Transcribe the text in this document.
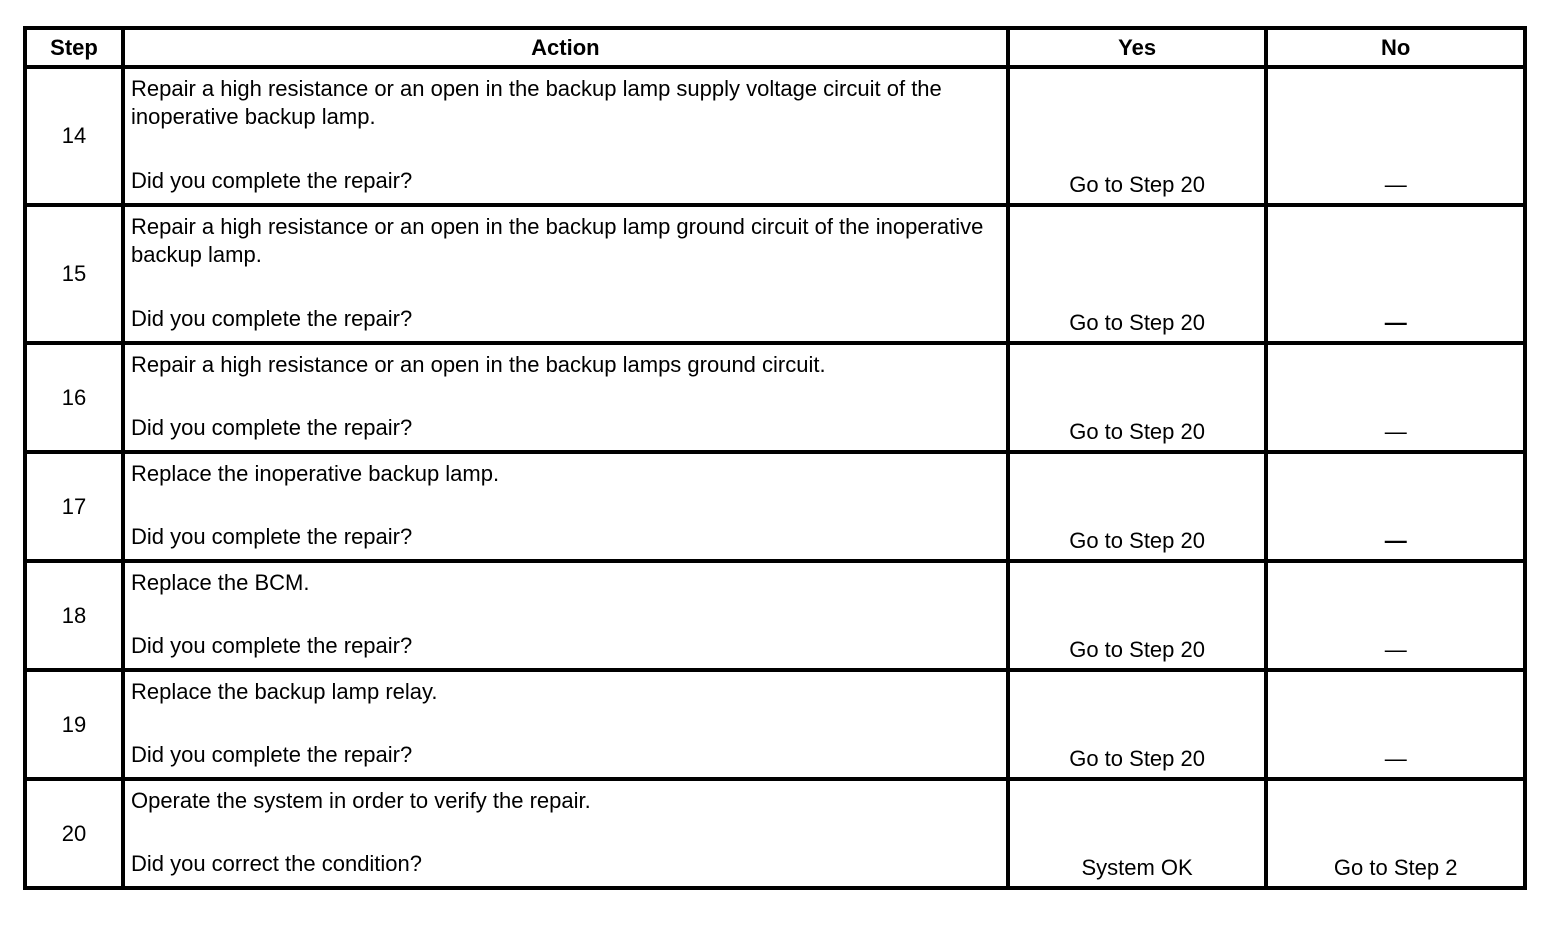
Step	Action	Yes	No
14	Repair a high resistance or an open in the backup lamp supply voltage circuit of the inoperative backup lamp.
Did you complete the repair?	Go to Step 20	—

15	Repair a high resistance or an open in the backup lamp ground circuit of the inoperative backup lamp.
Did you complete the repair?	Go to Step 20	—

16	Repair a high resistance or an open in the backup lamps ground circuit.
Did you complete the repair?	Go to Step 20	—

17	Replace the inoperative backup lamp.
Did you complete the repair?	Go to Step 20	—

18	Replace the BCM.
Did you complete the repair?	Go to Step 20	—

19	Replace the backup lamp relay.
Did you complete the repair?	Go to Step 20	—

20	Operate the system in order to verify the repair.
Did you correct the condition?	System OK	Go to Step 2
